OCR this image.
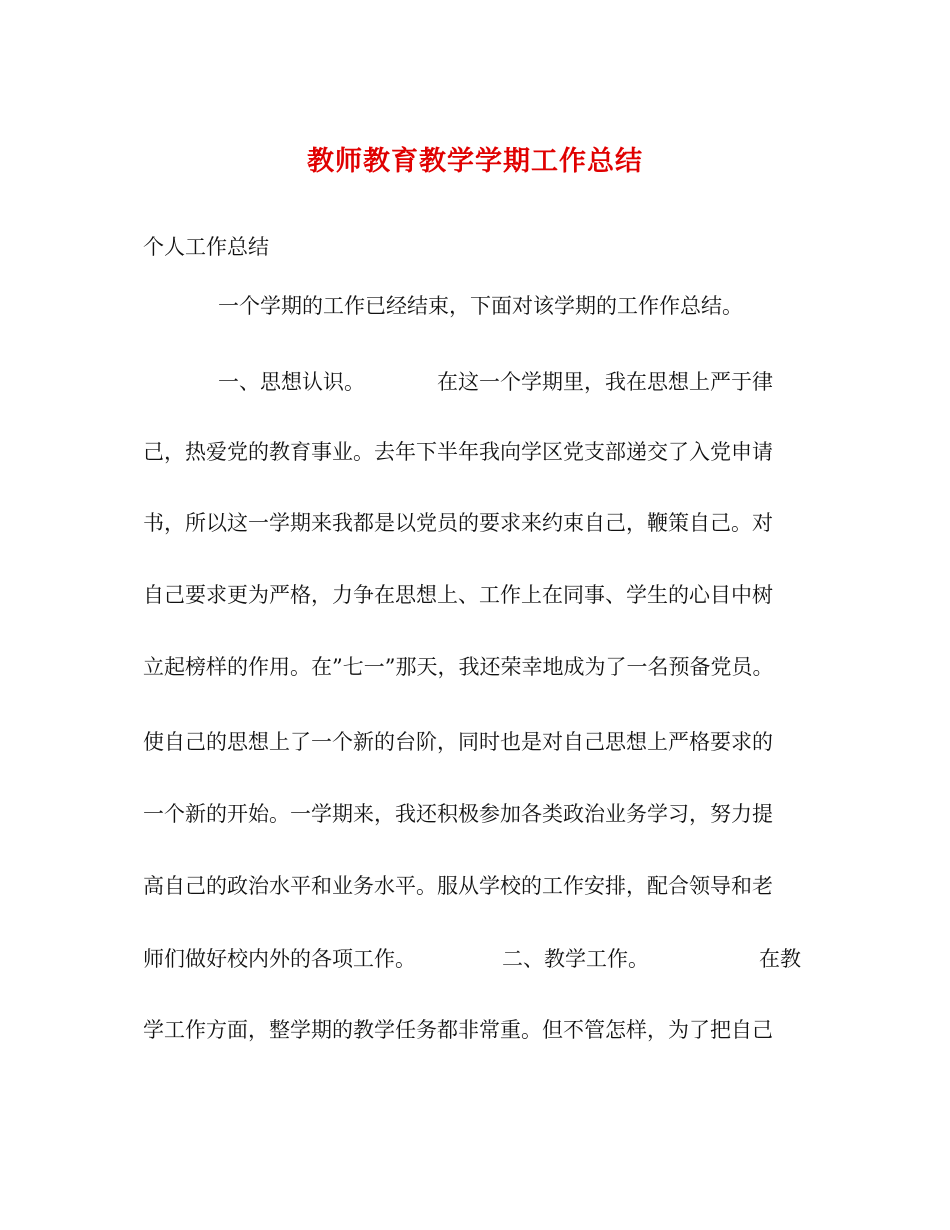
教师教育教学学期工作总结
个人工作总结
一个学期的工作已经结束，下面对该学期的工作作总结。
一、思想认识。	在这一个学期里，我在思想上严于律
己，热爱党的教育事业。去年下半年我向学区党支部递交了入党申请
书，所以这一学期来我都是以党员的要求来约束自己，鞭策自己。对
自己要求更为严格，力争在思想上、工作上在同事、学生的心目中树
立起榜样的作用。在”七一”那天，我还荣幸地成为了一名预备党员。
使自己的思想上了一个新的台阶，同时也是对自己思想上严格要求的
一个新的开始。一学期来，我还积极参加各类政治业务学习，努力提
高自己的政治水平和业务水平。服从学校的工作安排，配合领导和老
师们做好校内外的各项工作。	二、教学工作。	在教
学工作方面，整学期的教学任务都非常重。但不管怎样，为了把自己
